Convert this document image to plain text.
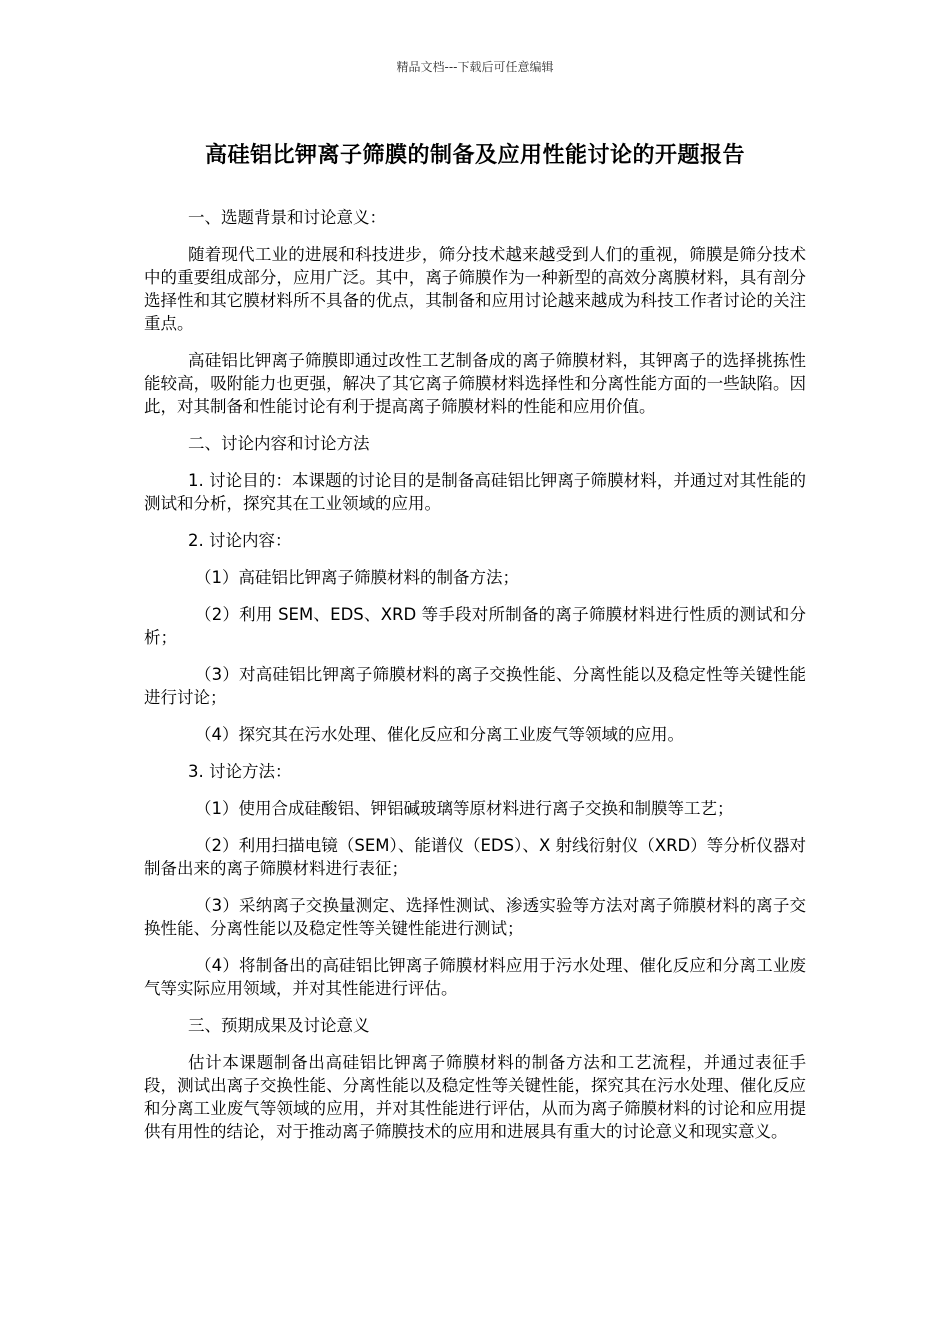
精品文档---下载后可任意编辑
高硅铝比钾离子筛膜的制备及应用性能讨论的开题报告

一、选题背景和讨论意义：

随着现代工业的进展和科技进步，筛分技术越来越受到人们的重视，筛膜是筛分技术中的重要组成部分，应用广泛。其中，离子筛膜作为一种新型的高效分离膜材料，具有剖分选择性和其它膜材料所不具备的优点，其制备和应用讨论越来越成为科技工作者讨论的关注重点。

高硅铝比钾离子筛膜即通过改性工艺制备成的离子筛膜材料，其钾离子的选择挑拣性能较高，吸附能力也更强，解决了其它离子筛膜材料选择性和分离性能方面的一些缺陷。因此，对其制备和性能讨论有利于提高离子筛膜材料的性能和应用价值。

二、讨论内容和讨论方法

1. 讨论目的：本课题的讨论目的是制备高硅铝比钾离子筛膜材料，并通过对其性能的测试和分析，探究其在工业领域的应用。

2. 讨论内容：

（1）高硅铝比钾离子筛膜材料的制备方法；

（2）利用 SEM、EDS、XRD 等手段对所制备的离子筛膜材料进行性质的测试和分析；

（3）对高硅铝比钾离子筛膜材料的离子交换性能、分离性能以及稳定性等关键性能进行讨论；

（4）探究其在污水处理、催化反应和分离工业废气等领域的应用。

3. 讨论方法：

（1）使用合成硅酸铝、钾铝碱玻璃等原材料进行离子交换和制膜等工艺；

（2）利用扫描电镜（SEM）、能谱仪（EDS）、X 射线衍射仪（XRD）等分析仪器对制备出来的离子筛膜材料进行表征；

（3）采纳离子交换量测定、选择性测试、渗透实验等方法对离子筛膜材料的离子交换性能、分离性能以及稳定性等关键性能进行测试；

（4）将制备出的高硅铝比钾离子筛膜材料应用于污水处理、催化反应和分离工业废气等实际应用领域，并对其性能进行评估。

三、预期成果及讨论意义

估计本课题制备出高硅铝比钾离子筛膜材料的制备方法和工艺流程，并通过表征手段，测试出离子交换性能、分离性能以及稳定性等关键性能，探究其在污水处理、催化反应和分离工业废气等领域的应用，并对其性能进行评估，从而为离子筛膜材料的讨论和应用提供有用性的结论，对于推动离子筛膜技术的应用和进展具有重大的讨论意义和现实意义。
